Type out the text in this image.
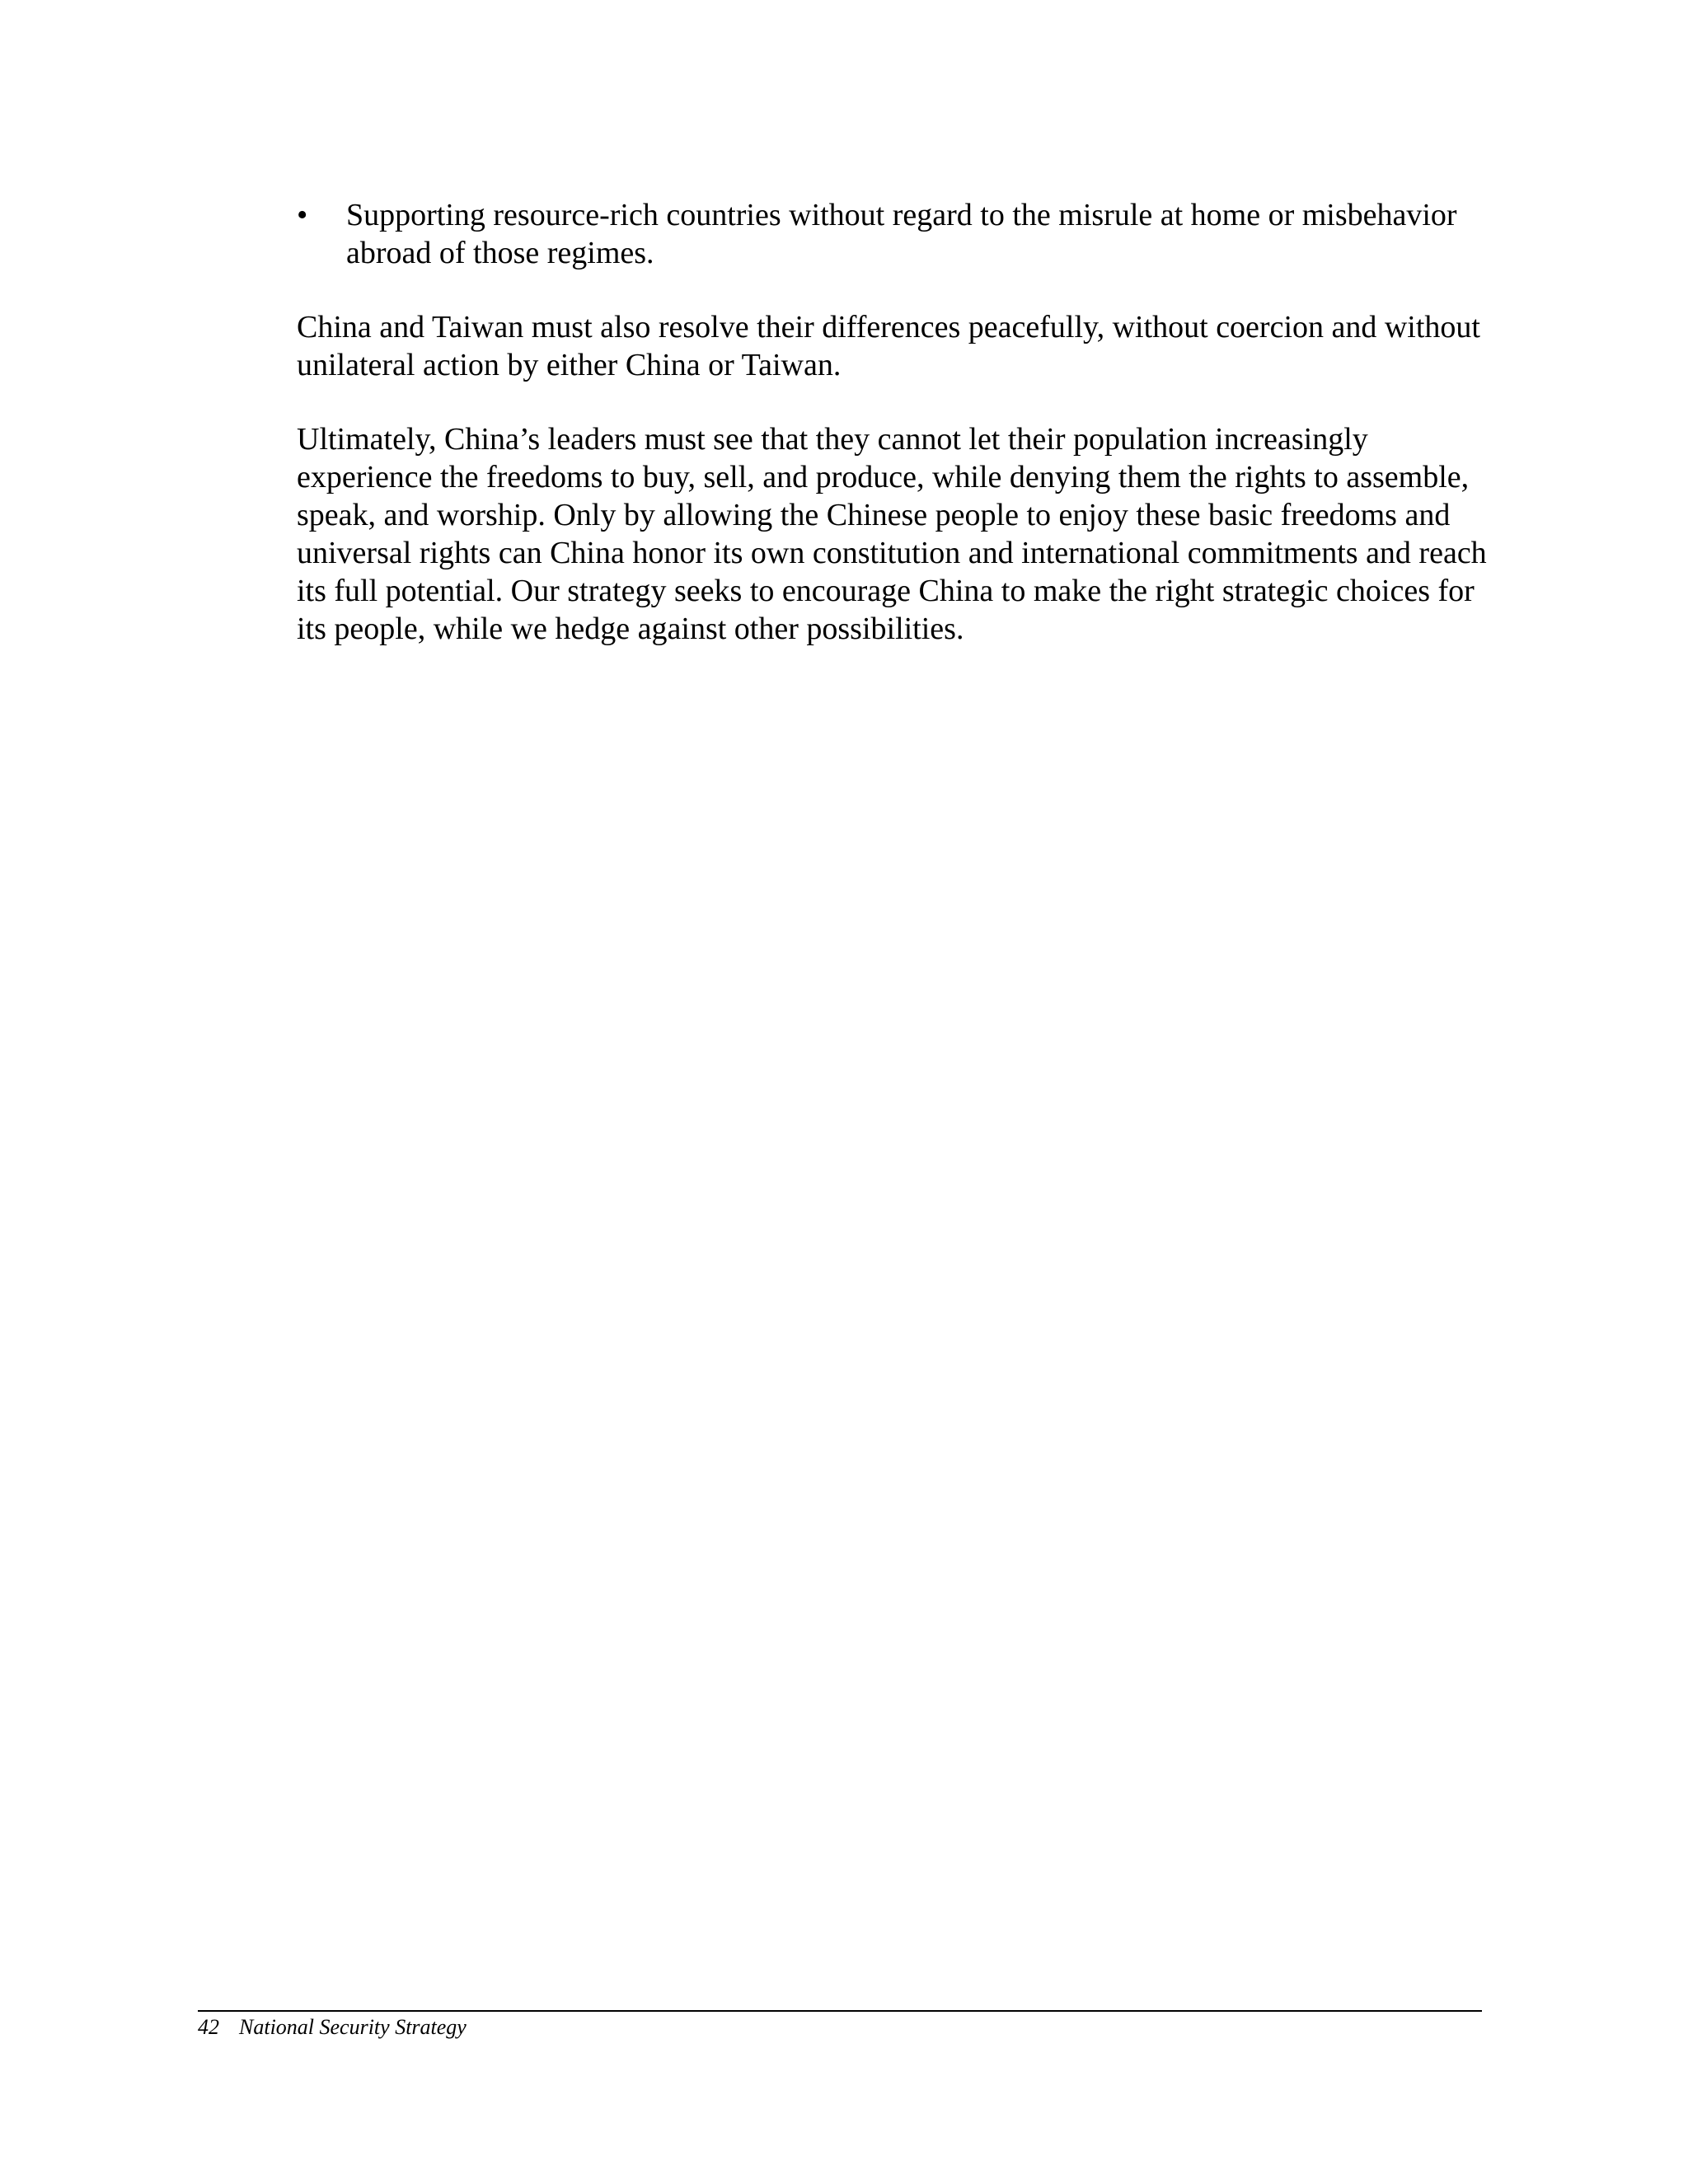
•	Supporting resource-rich countries without regard to the misrule at home or misbehavior abroad of those regimes.

China and Taiwan must also resolve their differences peacefully, without coercion and without unilateral action by either China or Taiwan.

Ultimately, China’s leaders must see that they cannot let their population increasingly experience the freedoms to buy, sell, and produce, while denying them the rights to assemble, speak, and worship. Only by allowing the Chinese people to enjoy these basic freedoms and universal rights can China honor its own constitution and international commitments and reach its full potential. Our strategy seeks to encourage China to make the right strategic choices for its people, while we hedge against other possibilities.

42 National Security Strategy
